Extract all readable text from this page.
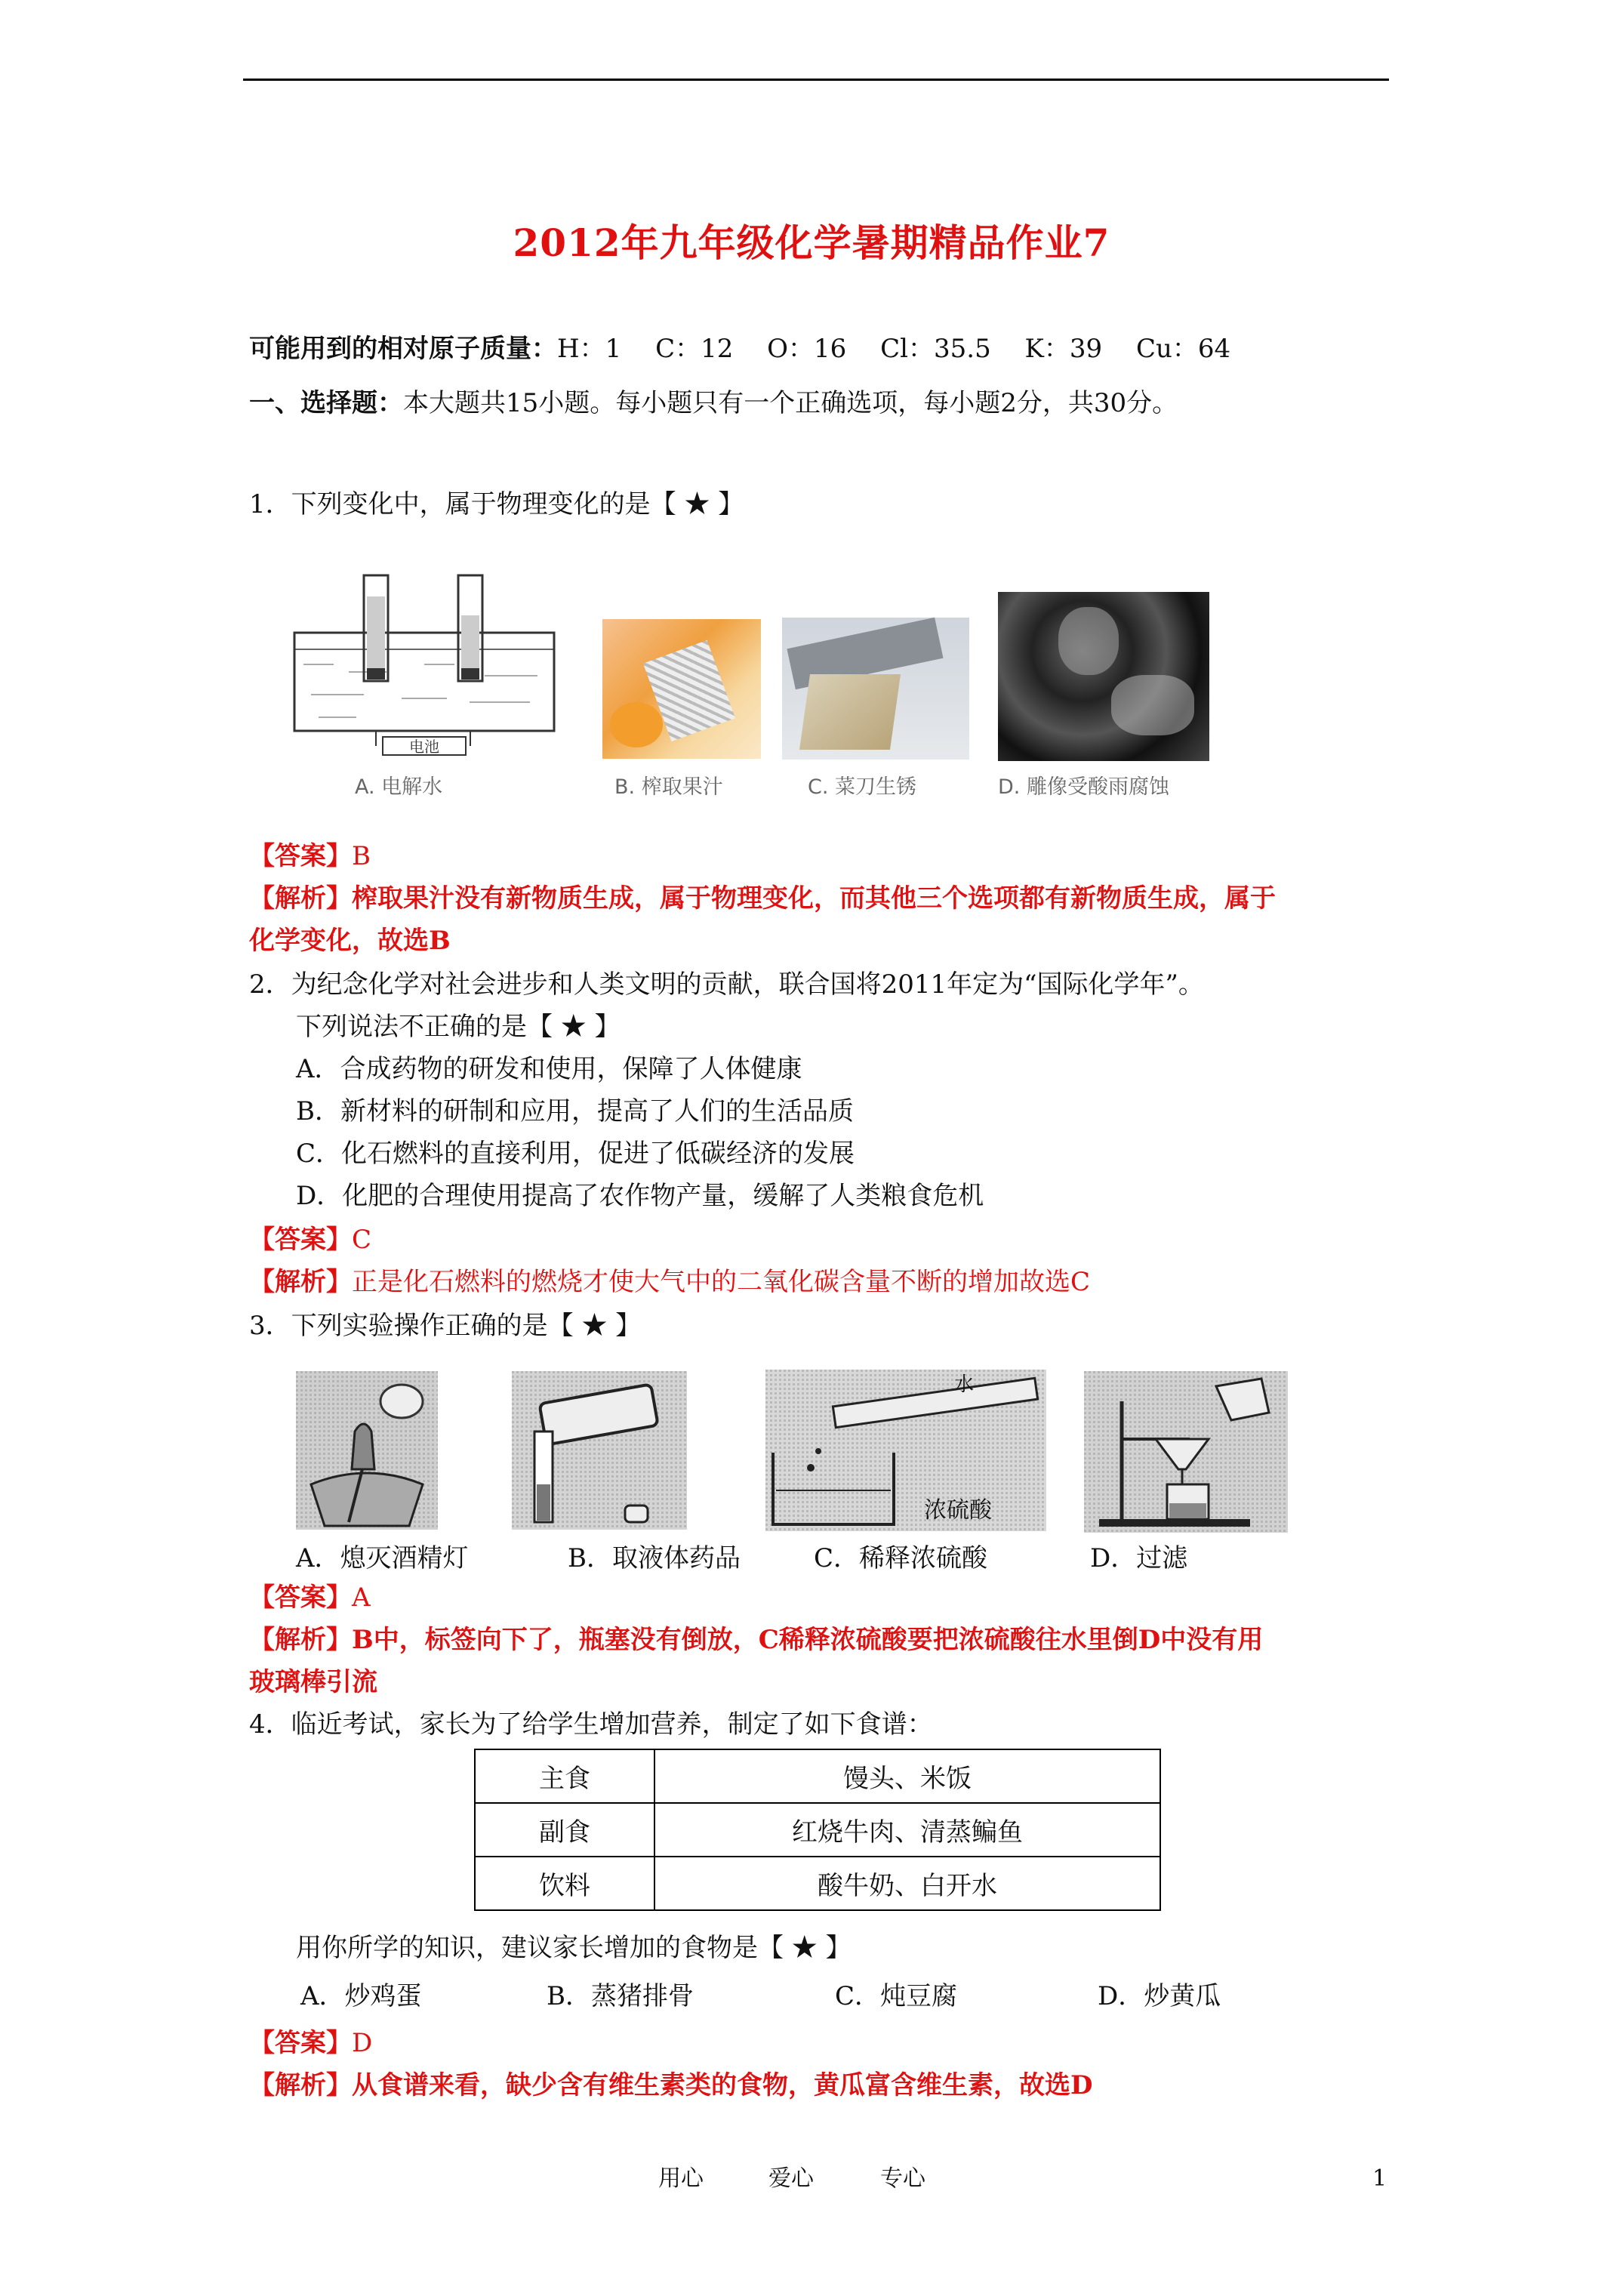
2012年九年级化学暑期精品作业7
可能用到的相对原子质量：H：1　 C：12　 O：16　 Cl：35.5　 K：39　 Cu：64
一、选择题：本大题共15小题。每小题只有一个正确选项，每小题2分，共30分。
1．下列变化中，属于物理变化的是【 ★ 】
电池
A. 电解水	B. 榨取果汁	C. 菜刀生锈	D. 雕像受酸雨腐蚀
【答案】B
【解析】榨取果汁没有新物质生成，属于物理变化，而其他三个选项都有新物质生成，属于
化学变化，故选B
2．为纪念化学对社会进步和人类文明的贡献，联合国将2011年定为“国际化学年”。
下列说法不正确的是【 ★ 】
A．合成药物的研发和使用，保障了人体健康
B．新材料的研制和应用，提高了人们的生活品质
C．化石燃料的直接利用，促进了低碳经济的发展
D．化肥的合理使用提高了农作物产量，缓解了人类粮食危机
【答案】C
【解析】正是化石燃料的燃烧才使大气中的二氧化碳含量不断的增加故选C
3．下列实验操作正确的是【 ★ 】
水
浓硫酸
A．熄灭酒精灯	B．取液体药品	C．稀释浓硫酸	D．过滤
【答案】A
【解析】B中，标签向下了，瓶塞没有倒放，C稀释浓硫酸要把浓硫酸往水里倒D中没有用
玻璃棒引流
4．临近考试，家长为了给学生增加营养，制定了如下食谱：
主食	馒头、米饭
副食	红烧牛肉、清蒸鳊鱼
饮料	酸牛奶、白开水
用你所学的知识，建议家长增加的食物是【 ★ 】
A．炒鸡蛋	B．蒸猪排骨	C．炖豆腐	D．炒黄瓜
【答案】D
【解析】从食谱来看，缺少含有维生素类的食物，黄瓜富含维生素，故选D
用心	爱心	专心	1
